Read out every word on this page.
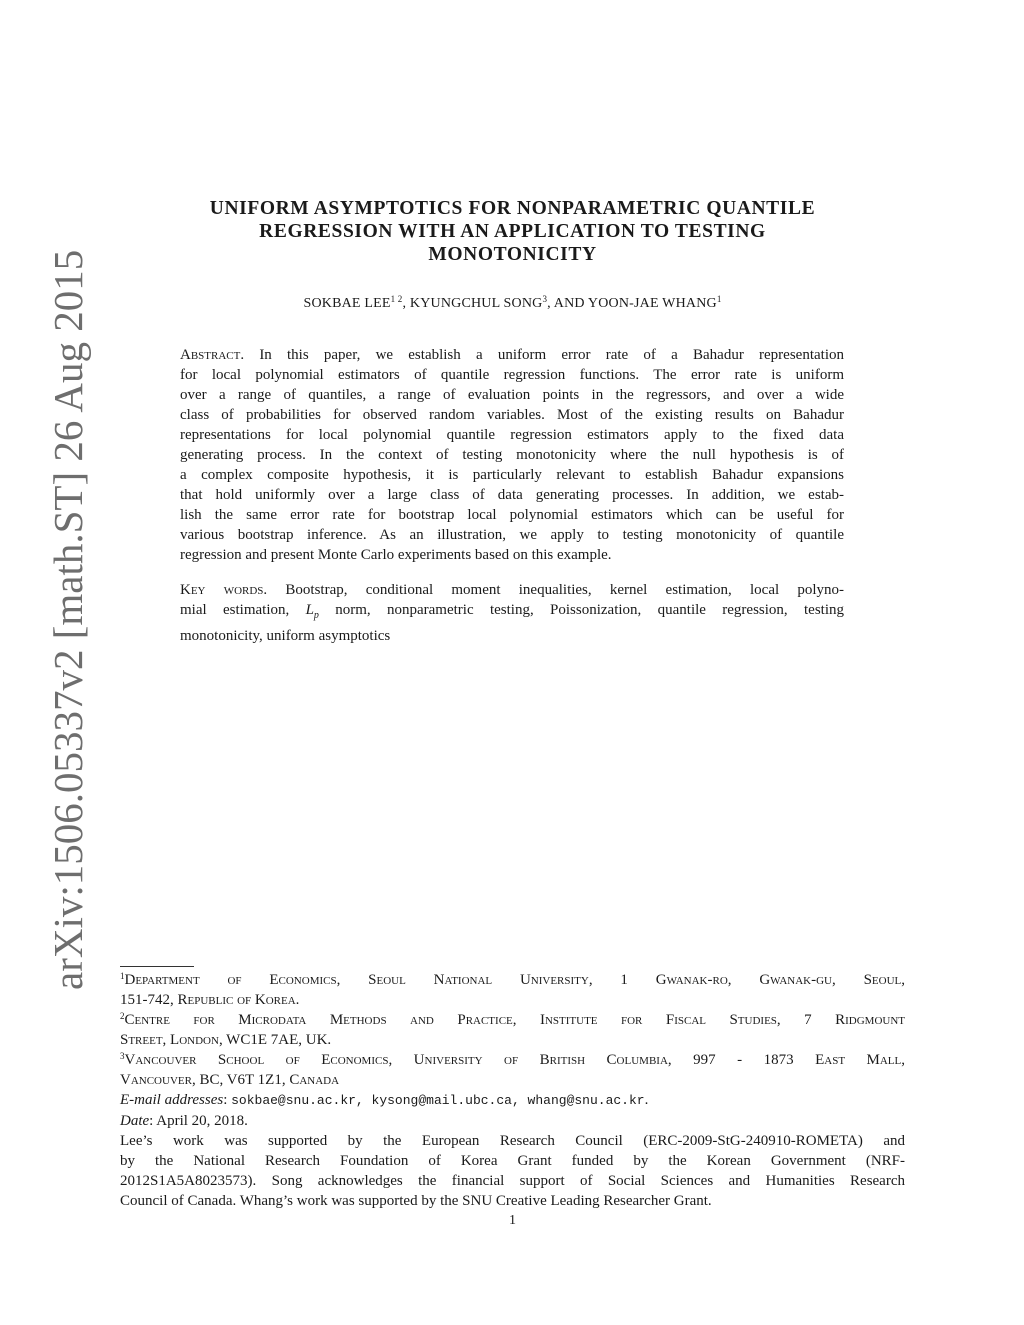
arXiv:1506.05337v2 [math.ST] 26 Aug 2015
UNIFORM ASYMPTOTICS FOR NONPARAMETRIC QUANTILE
REGRESSION WITH AN APPLICATION TO TESTING
MONOTONICITY
SOKBAE $LEE^{1 2}$, KYUNGCHUL SONG$^3$, AND YOON-JAE WHANG$^1$
Abstract. In this paper, we establish a uniform error rate of a Bahadur representation
for local polynomial estimators of quantile regression functions. The error rate is uniform
over a range of quantiles, a range of evaluation points in the regressors, and over a wide
class of probabilities for observed random variables. Most of the existing results on Bahadur
representations for local polynomial quantile regression estimators apply to the fixed data
generating process. In the context of testing monotonicity where the null hypothesis is of
a complex composite hypothesis, it is particularly relevant to establish Bahadur expansions
that hold uniformly over a large class of data generating processes. In addition, we estab-
lish the same error rate for bootstrap local polynomial estimators which can be useful for
various bootstrap inference. As an illustration, we apply to testing monotonicity of quantile
regression and present Monte Carlo experiments based on this example.
Key words. Bootstrap, conditional moment inequalities, kernel estimation, local polyno-
mial estimation, $L_p$ norm, nonparametric testing, Poissonization, quantile regression, testing
monotonicity, uniform asymptotics
$^1$Department of Economics, Seoul National University, 1 Gwanak-ro, Gwanak-gu, Seoul,
151-742, Republic of Korea.
$^2$Centre for Microdata Methods and Practice, Institute for Fiscal Studies, 7 Ridgmount
Street, London, WC1E 7AE, UK.
$^3$Vancouver School of Economics, University of British Columbia, 997 - 1873 East Mall,
Vancouver, BC, V6T 1Z1, Canada
E-mail addresses: sokbae@snu.ac.kr, kysong@mail.ubc.ca, whang@snu.ac.kr.
Date: April 20, 2018.
Lee’s work was supported by the European Research Council (ERC-2009-StG-240910-ROMETA) and
by the National Research Foundation of Korea Grant funded by the Korean Government (NRF-
2012S1A5A8023573). Song acknowledges the financial support of Social Sciences and Humanities Research
Council of Canada. Whang’s work was supported by the SNU Creative Leading Researcher Grant.
1
